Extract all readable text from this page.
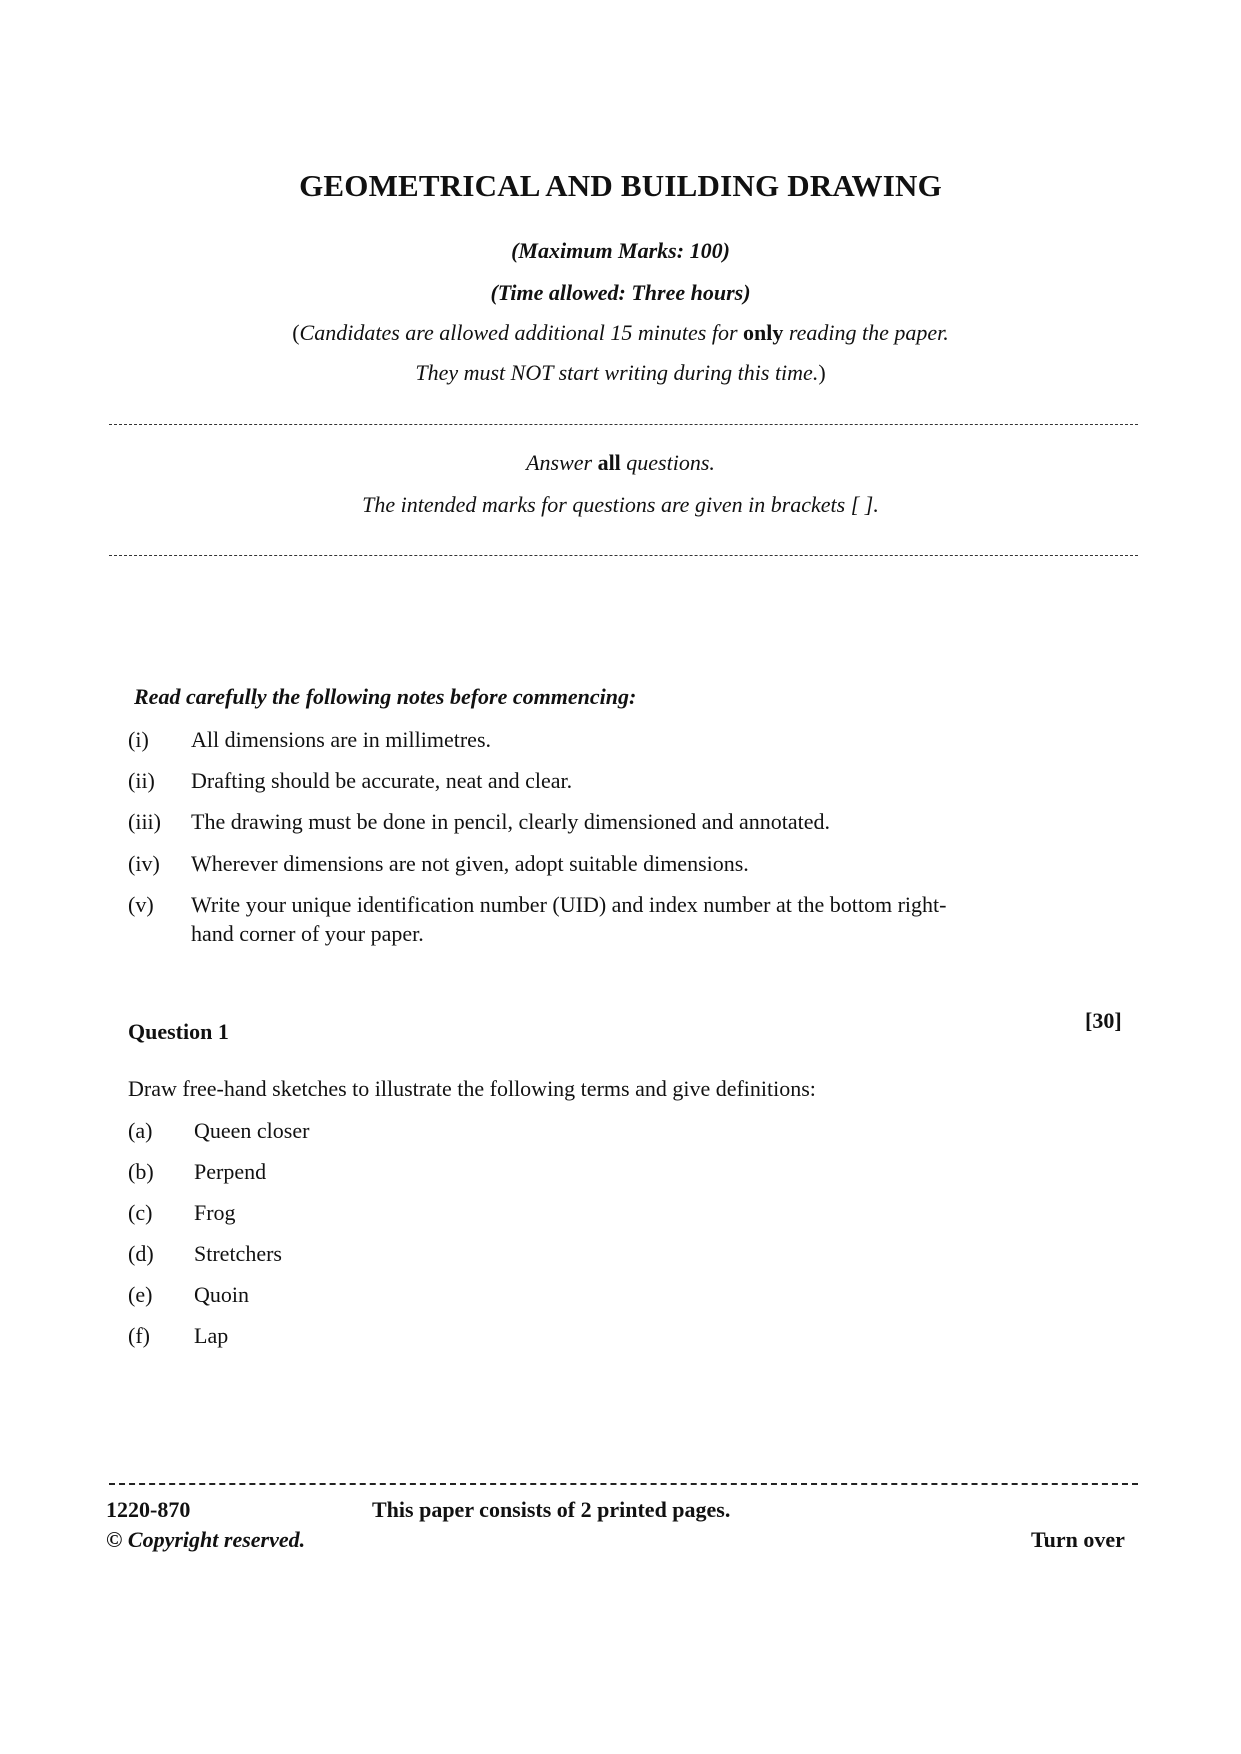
GEOMETRICAL AND BUILDING DRAWING
(Maximum Marks: 100)
(Time allowed: Three hours)
(Candidates are allowed additional 15 minutes for only reading the paper.
They must NOT start writing during this time.)
Answer all questions.
The intended marks for questions are given in brackets [ ].
Read carefully the following notes before commencing:
(i) All dimensions are in millimetres.
(ii) Drafting should be accurate, neat and clear.
(iii) The drawing must be done in pencil, clearly dimensioned and annotated.
(iv) Wherever dimensions are not given, adopt suitable dimensions.
(v) Write your unique identification number (UID) and index number at the bottom right-
hand corner of your paper.
Question 1	[30]
Draw free-hand sketches to illustrate the following terms and give definitions:
(a) Queen closer
(b) Perpend
(c) Frog
(d) Stretchers
(e) Quoin
(f) Lap
1220-870	This paper consists of 2 printed pages.
© Copyright reserved.	Turn over
